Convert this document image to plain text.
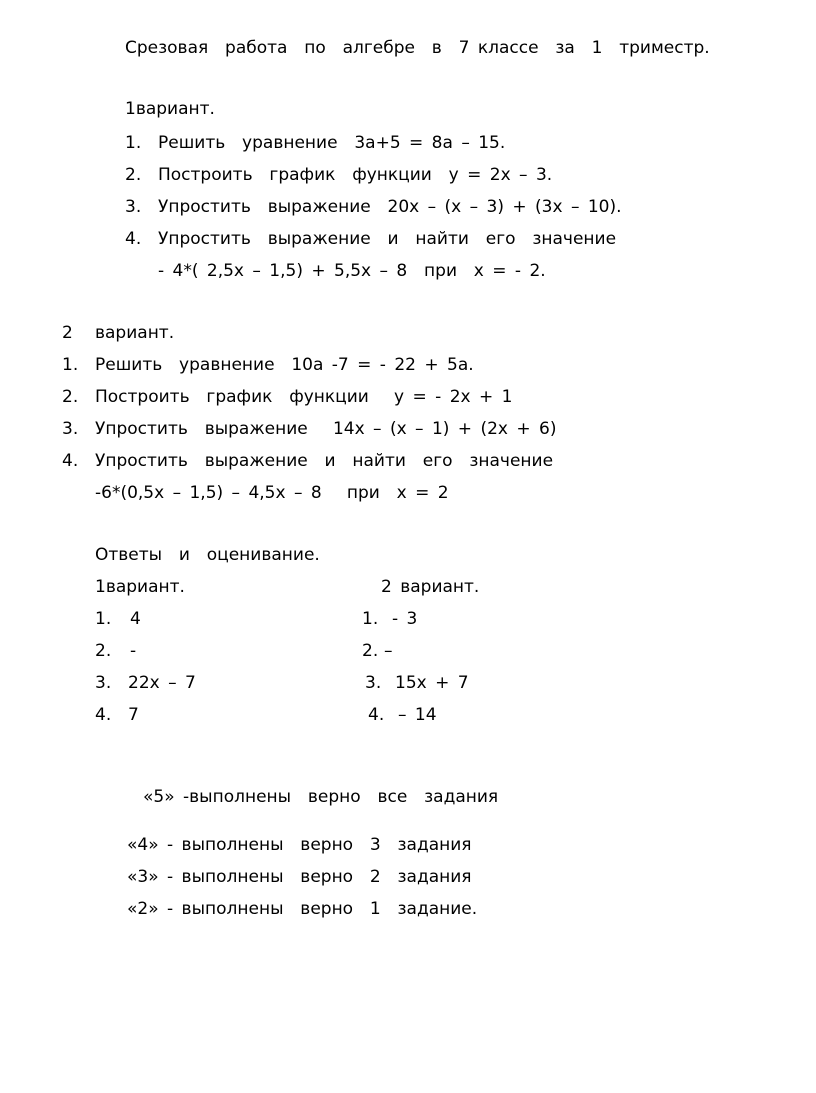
Срезовая  работа  по  алгебре  в  7 классе  за  1  триместр.
1вариант.
1. Решить  уравнение  3а+5 = 8а – 15.
2. Построить  график  функции  у = 2х – 3.
3. Упростить  выражение  20х – (х – 3) + (3х – 10).
4. Упростить  выражение  и  найти  его  значение
- 4*( 2,5х – 1,5) + 5,5х – 8  при  х = - 2.
2 вариант.
1. Решить  уравнение  10а -7 = - 22 + 5а.
2. Построить  график  функции   у = - 2х + 1
3. Упростить  выражение   14х – (х – 1) + (2х + 6)
4. Упростить  выражение  и  найти  его  значение
-6*(0,5х – 1,5) – 4,5х – 8   при  х = 2
Ответы  и  оценивание.
1вариант.	2 вариант.
1. 4	1. - 3
2. -	2. –
3. 22х – 7	3. 15х + 7
4. 7	4. – 14
«5» -выполнены  верно  все  задания
«4» - выполнены  верно  3  задания
«3» - выполнены  верно  2  задания
«2» - выполнены  верно  1  задание.
